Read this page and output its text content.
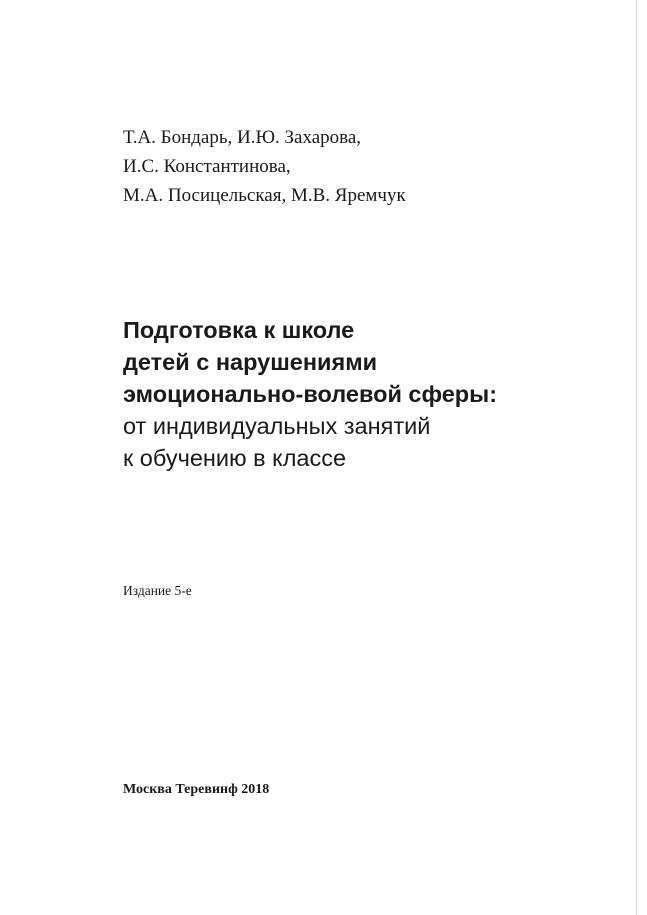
Т.А. Бондарь, И.Ю. Захарова,
И.С. Константинова,
М.А. Посицельская, М.В. Яремчук
Подготовка к школе
детей с нарушениями
эмоционально-волевой сферы:
от индивидуальных занятий
к обучению в классе
Издание 5-е
Москва Теревинф 2018
